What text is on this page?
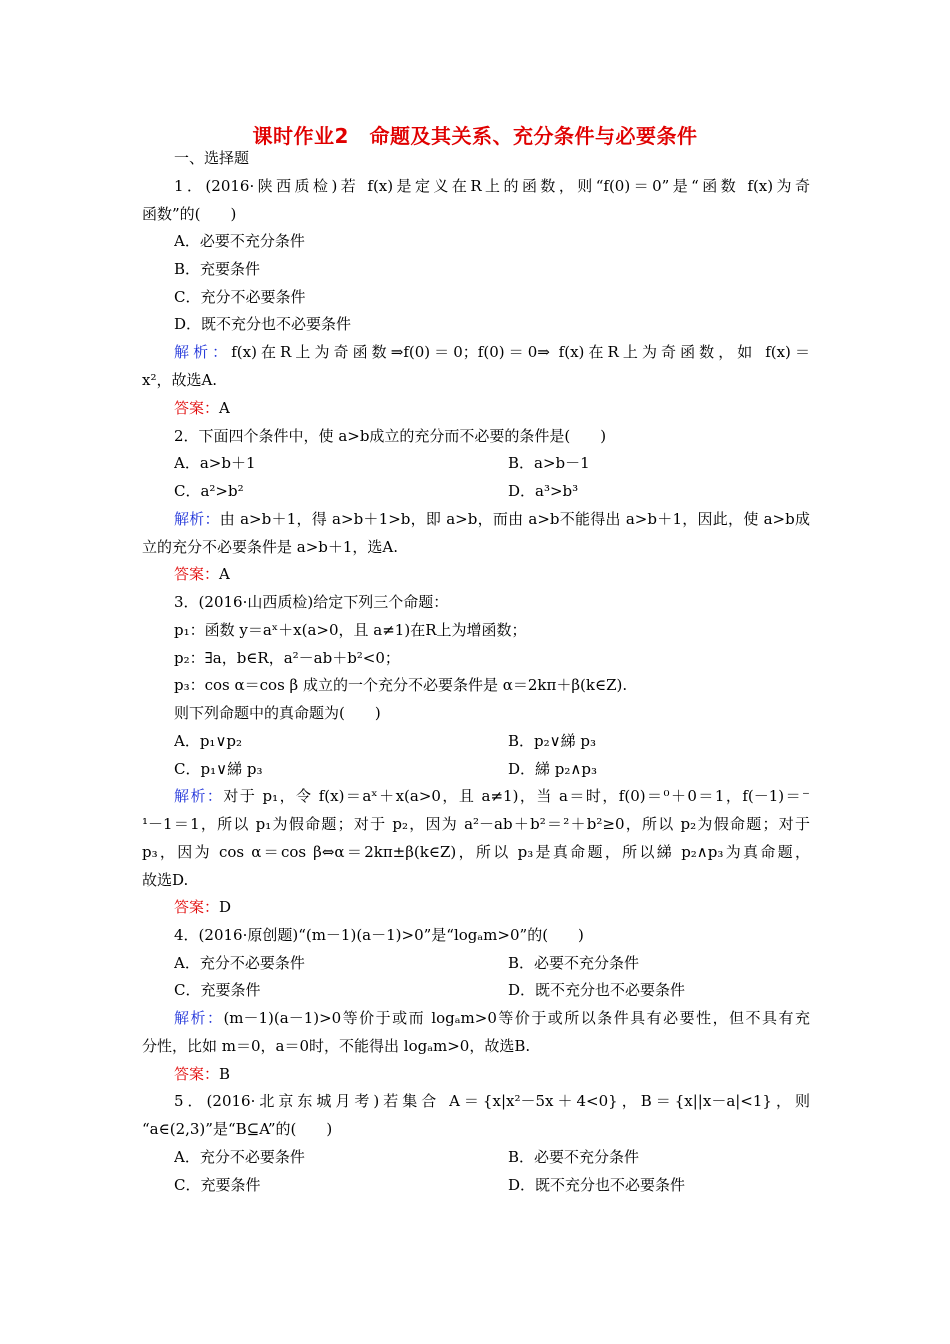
课时作业2　命题及其关系、充分条件与必要条件
一、选择题
1．(2016·陕西质检)若 f(x)是定义在R上的函数，则“f(0)＝0”是“函数 f(x)为奇
函数”的(　　)
A．必要不充分条件
B．充要条件
C．充分不必要条件
D．既不充分也不必要条件
解析：f(x)在R上为奇函数⇒f(0)＝0；f(0)＝0⇒ f(x)在R上为奇函数，如 f(x)＝
x²，故选A.
答案：A
2．下面四个条件中，使 a>b成立的充分而不必要的条件是(　　)
A．a>b＋1	B．a>b－1
C．a²>b²	D．a³>b³
解析：由 a>b＋1，得 a>b＋1>b，即 a>b，而由 a>b不能得出 a>b＋1，因此，使 a>b成
立的充分不必要条件是 a>b＋1，选A.
答案：A
3．(2016·山西质检)给定下列三个命题：
p₁：函数 y＝aˣ＋x(a>0，且 a≠1)在R上为增函数；
p₂：∃a，b∈R，a²－ab＋b²<0；
p₃：cos α＝cos β 成立的一个充分不必要条件是 α＝2kπ＋β(k∈Z).
则下列命题中的真命题为(　　)
A．p₁∨p₂	B．p₂∨綈 p₃
C．p₁∨綈 p₃	D．綈 p₂∧p₃
解析：对于 p₁，令 f(x)＝aˣ＋x(a>0，且 a≠1)，当 a＝时，f(0)＝⁰＋0＝1，f(－1)＝⁻
¹－1＝1，所以 p₁为假命题；对于 p₂，因为 a²－ab＋b²＝²＋b²≥0，所以 p₂为假命题；对于
p₃，因为 cos α＝cos β⇔α＝2kπ±β(k∈Z)，所以 p₃是真命题，所以綈 p₂∧p₃为真命题，
故选D.
答案：D
4．(2016·原创题)“(m－1)(a－1)>0”是“logₐm>0”的(　　)
A．充分不必要条件	B．必要不充分条件
C．充要条件	D．既不充分也不必要条件
解析：(m－1)(a－1)>0等价于或而 logₐm>0等价于或所以条件具有必要性，但不具有充
分性，比如 m＝0，a＝0时，不能得出 logₐm>0，故选B.
答案：B
5．(2016·北京东城月考)若集合 A＝{x|x²－5x＋4<0}，B＝{x||x－a|<1}，则
“a∈(2,3)”是“B⊆A”的(　　)
A．充分不必要条件	B．必要不充分条件
C．充要条件	D．既不充分也不必要条件
